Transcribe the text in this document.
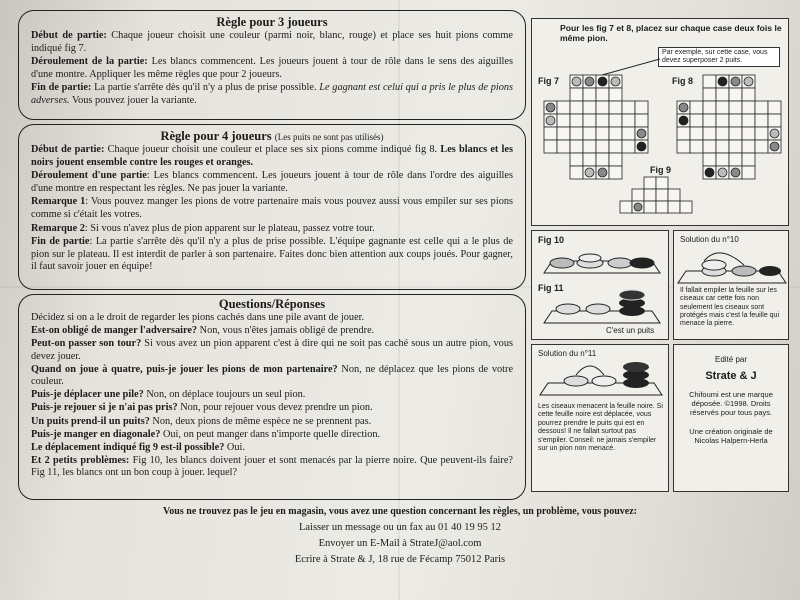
Règle pour 3 joueurs

Début de partie: Chaque joueur choisit une couleur (parmi noir, blanc, rouge) et place ses huit pions comme indiqué fig 7.

Déroulement de la partie: Les blancs commencent. Les joueurs jouent à tour de rôle dans le sens des aiguilles d'une montre. Appliquer les même règles que pour 2 joueurs.

Fin de partie: La partie s'arrête dès qu'il n'y a plus de prise possible. Le gagnant est celui qui a pris le plus de pions adverses. Vous pouvez jouer la variante.

Règle pour 4 joueurs (Les puits ne sont pas utilisés)

Début de partie: Chaque joueur choisit une couleur et place ses six pions comme indiqué fig 8. Les blancs et les noirs jouent ensemble contre les rouges et oranges.

Déroulement d'une partie: Les blancs commencent. Les joueurs jouent à tour de rôle dans l'ordre des aiguilles d'une montre en respectant les règles. Ne pas jouer la variante.

Remarque 1: Vous pouvez manger les pions de votre partenaire mais vous pouvez aussi vous empiler sur ses pions comme si c'était les votres.

Remarque 2: Si vous n'avez plus de pion apparent sur le plateau, passez votre tour.

Fin de partie: La partie s'arrête dès qu'il n'y a plus de prise possible. L'équipe gagnante est celle qui a le plus de pion sur le plateau. Il est interdit de parler à son partenaire. Faites donc bien attention aux coups joués. Pour gagner, il faut savoir jouer en équipe!

Questions/Réponses

Décidez si on a le droit de regarder les pions cachés dans une pile avant de jouer.

Est-on obligé de manger l'adversaire? Non, vous n'êtes jamais obligé de prendre.

Peut-on passer son tour? Si vous avez un pion apparent c'est à dire qui ne soit pas caché sous un autre pion, vous devez jouer.

Quand on joue à quatre, puis-je jouer les pions de mon partenaire? Non, ne déplacez que les pions de votre couleur.

Puis-je déplacer une pile? Non, on déplace toujours un seul pion.

Puis-je rejouer si je n'ai pas pris? Non, pour rejouer vous devez prendre un pion.

Un puits prend-il un puits? Non, deux pions de même espèce ne se prennent pas.

Puis-je manger en diagonale? Oui, on peut manger dans n'importe quelle direction.

Le déplacement indiqué fig 9 est-il possible? Oui.

Et 2 petits problèmes: Fig 10, les blancs doivent jouer et sont menacés par la pierre noire. Que peuvent-ils faire? Fig 11, les blancs ont un bon coup à jouer. lequel?

Pour les fig 7 et 8, placez sur chaque case deux fois le même pion.
Par exemple, sur cette case, vous devez superposer 2 puits.
Fig 7	Fig 8
Fig 9
Fig 10
Fig 11
C'est un puits
Solution du n°10
Il fallait empiler la feuille sur les ciseaux car cette fois non seulement les ciseaux sont protégés mais c'est la feuille qui menace la pierre.
Solution du n°11
Les ciseaux menacent la feuille noire. Si cette feuille noire est déplacée, vous pourrez prendre le puits qui est en dessous! Il ne fallait surtout pas s'empiler. Conseil: ne jamais s'empiler sur un pion non menacé.
Edité par
Strate & J
Chifoumi est une marque déposée. ©1998. Droits réservés pour tous pays.
Une création originale de Nicolas Halpern-Herla
Vous ne trouvez pas le jeu en magasin, vous avez une question concernant les règles, un problème, vous pouvez:
Laisser un message ou un fax au 01 40 19 95 12
Envoyer un E-Mail à StrateJ@aol.com
Ecrire à Strate & J, 18 rue de Fécamp 75012 Paris
